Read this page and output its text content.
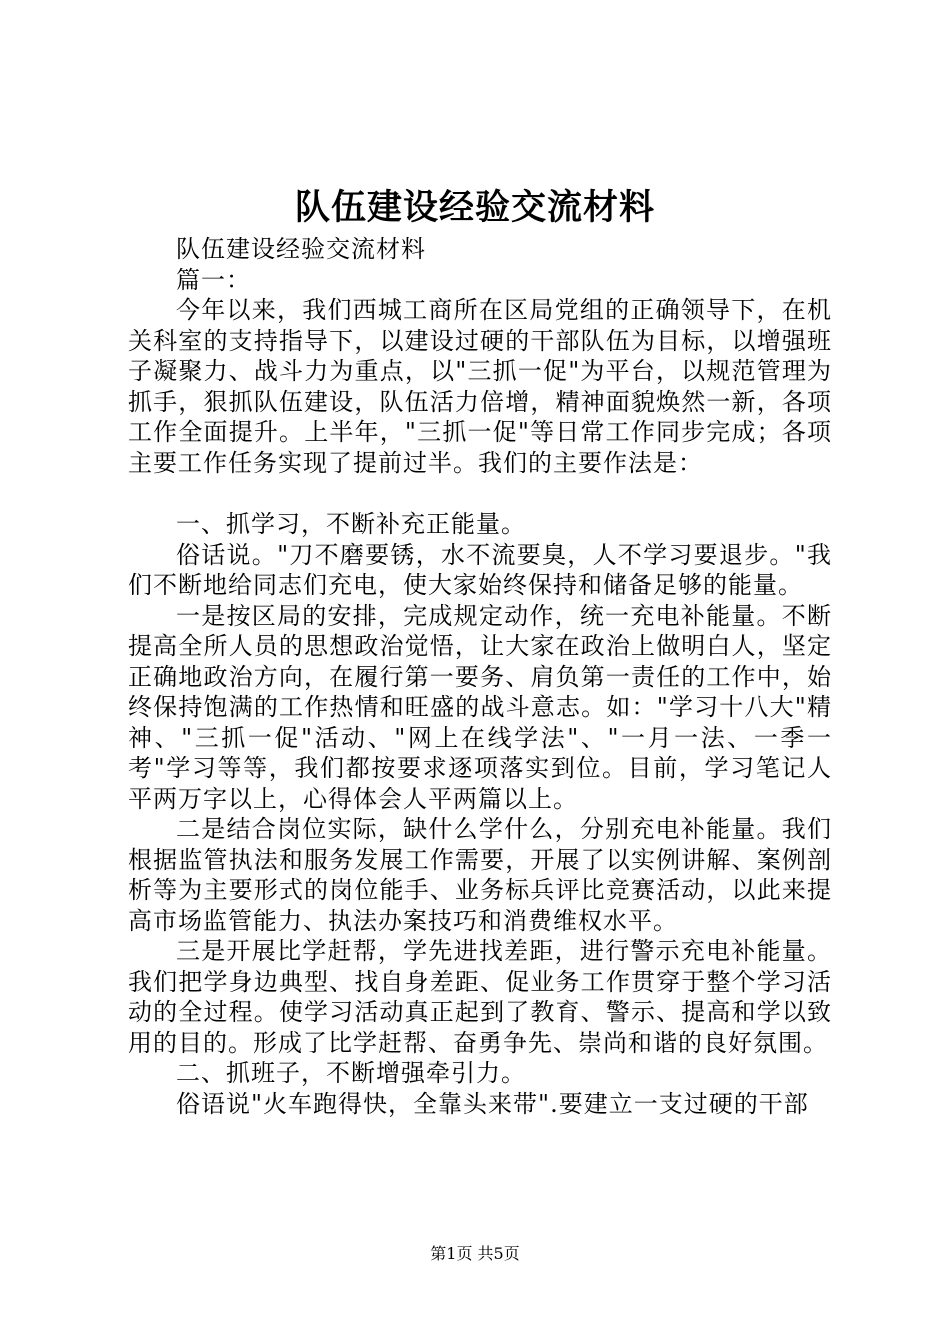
队伍建设经验交流材料

队伍建设经验交流材料

篇一：

今年以来，我们西城工商所在区局党组的正确领导下，在机关科室的支持指导下，以建设过硬的干部队伍为目标，以增强班子凝聚力、战斗力为重点，以"三抓一促"为平台，以规范管理为抓手，狠抓队伍建设，队伍活力倍增，精神面貌焕然一新，各项工作全面提升。上半年，"三抓一促"等日常工作同步完成；各项主要工作任务实现了提前过半。我们的主要作法是：

一、抓学习，不断补充正能量。

俗话说。"刀不磨要锈，水不流要臭，人不学习要退步。"我们不断地给同志们充电，使大家始终保持和储备足够的能量。

一是按区局的安排，完成规定动作，统一充电补能量。不断提高全所人员的思想政治觉悟，让大家在政治上做明白人，坚定正确地政治方向，在履行第一要务、肩负第一责任的工作中，始终保持饱满的工作热情和旺盛的战斗意志。如："学习十八大"精神、"三抓一促"活动、"网上在线学法"、"一月一法、一季一考"学习等等，我们都按要求逐项落实到位。目前，学习笔记人平两万字以上，心得体会人平两篇以上。

二是结合岗位实际，缺什么学什么，分别充电补能量。我们根据监管执法和服务发展工作需要，开展了以实例讲解、案例剖析等为主要形式的岗位能手、业务标兵评比竞赛活动，以此来提高市场监管能力、执法办案技巧和消费维权水平。

三是开展比学赶帮，学先进找差距，进行警示充电补能量。我们把学身边典型、找自身差距、促业务工作贯穿于整个学习活动的全过程。使学习活动真正起到了教育、警示、提高和学以致用的目的。形成了比学赶帮、奋勇争先、崇尚和谐的良好氛围。

二、抓班子，不断增强牵引力。

俗语说"火车跑得快，全靠头来带".要建立一支过硬的干部

第1页 共5页
